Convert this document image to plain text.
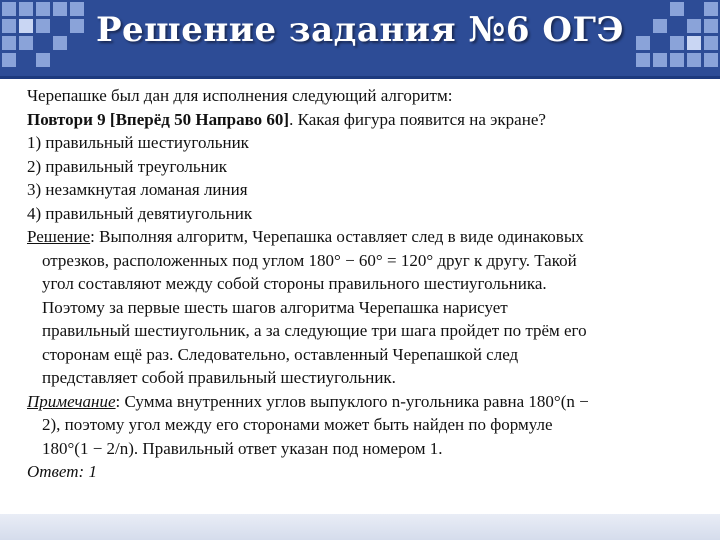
Решение задания №6 ОГЭ

Черепашке был дан для исполнения следующий алгоритм:

Повтори 9 [Вперёд 50 Направо 60]. Какая фигура появится на экране?

1) правильный шестиугольник

2) правильный треугольник

3) незамкнутая ломаная линия

4) правильный девятиугольник

Решение: Выполняя алгоритм, Черепашка оставляет след в виде одинаковых

отрезков, расположенных под углом 180° − 60° = 120° друг к другу. Такой

угол составляют между собой стороны правильного шестиугольника.

Поэтому за первые шесть шагов алгоритма Черепашка нарисует

правильный шестиугольник, а за следующие три шага пройдет по трём его

сторонам ещё раз. Следовательно, оставленный Черепашкой след

представляет собой правильный шестиугольник.

Примечание: Сумма внутренних углов выпуклого n-угольника равна 180°(n −

2), поэтому угол между его сторонами может быть найден по формуле

180°(1 − 2/n). Правильный ответ указан под номером 1.

Ответ: 1
